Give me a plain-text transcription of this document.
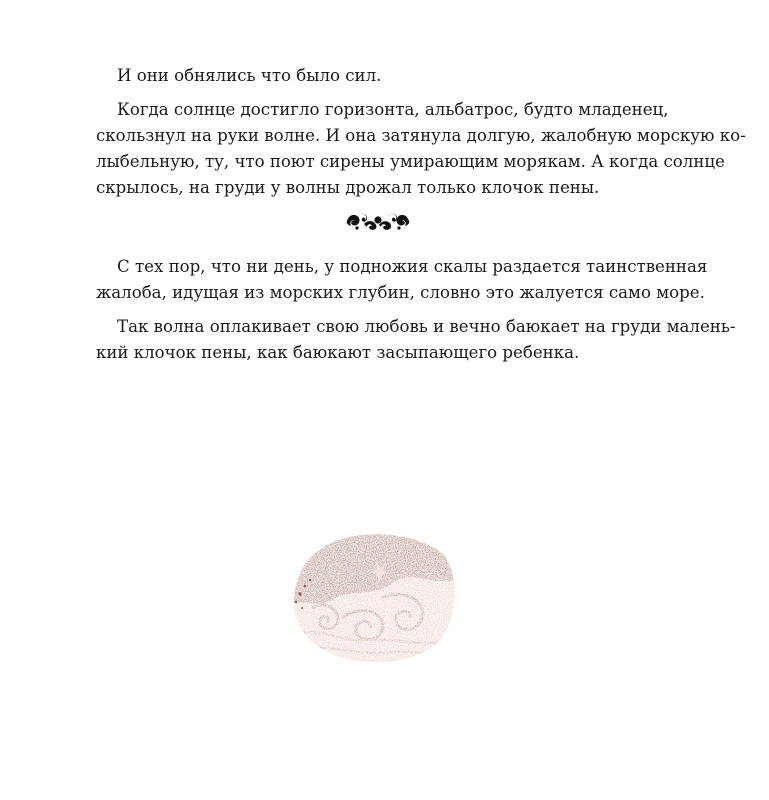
И они обнялись что было сил.

Когда солнце достигло горизонта, альбатрос, будто младенец,
скользнул на руки волне. И она затянула долгую, жалобную морскую ко-
лыбельную, ту, что поют сирены умирающим морякам. А когда солнце
скрылось, на груди у волны дрожал только клочок пены.

С тех пор, что ни день, у подножия скалы раздается таинственная
жалоба, идущая из морских глубин, словно это жалуется само море.

Так волна оплакивает свою любовь и вечно баюкает на груди малень-
кий клочок пены, как баюкают засыпающего ребенка.
